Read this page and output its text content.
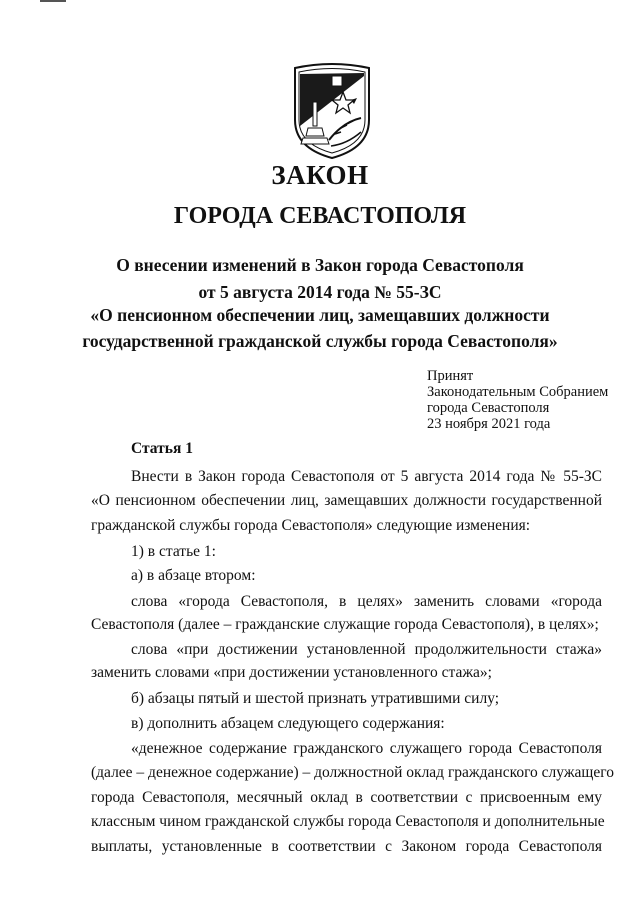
ЗАКОН
ГОРОДА СЕВАСТОПОЛЯ
О внесении изменений в Закон города Севастополя
от 5 августа 2014 года № 55-ЗС
«О пенсионном обеспечении лиц, замещавших должности
государственной гражданской службы города Севастополя»
Принят
Законодательным Собранием
города Севастополя
23 ноября 2021 года
Статья 1
Внести в Закон города Севастополя от 5 августа 2014 года № 55-ЗС
«О пенсионном обеспечении лиц, замещавших должности государственной
гражданской службы города Севастополя» следующие изменения:
1) в статье 1:
а) в абзаце втором:
слова «города Севастополя, в целях» заменить словами «города
Севастополя (далее – гражданские служащие города Севастополя), в целях»;
слова «при достижении установленной продолжительности стажа»
заменить словами «при достижении установленного стажа»;
б) абзацы пятый и шестой признать утратившими силу;
в) дополнить абзацем следующего содержания:
«денежное содержание гражданского служащего города Севастополя
(далее – денежное содержание) – должностной оклад гражданского служащего
города Севастополя, месячный оклад в соответствии с присвоенным ему
классным чином гражданской службы города Севастополя и дополнительные
выплаты, установленные в соответствии с Законом города Севастополя
